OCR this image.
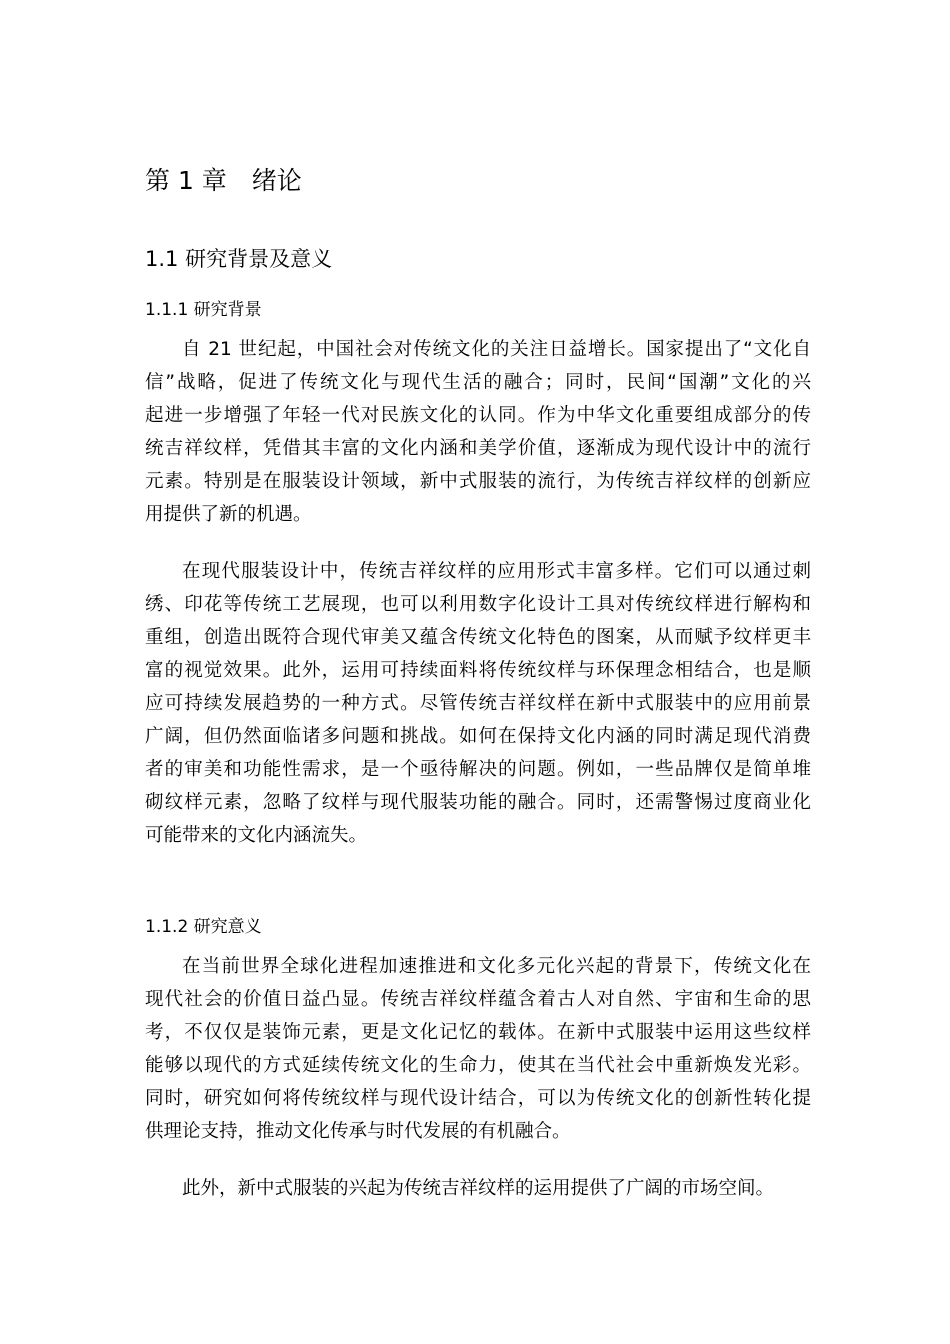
第 1 章　绪论
1.1 研究背景及意义
1.1.1 研究背景
自 21 世纪起，中国社会对传统文化的关注日益增长。国家提出了“文化自
信”战略，促进了传统文化与现代生活的融合；同时，民间“国潮”文化的兴
起进一步增强了年轻一代对民族文化的认同。作为中华文化重要组成部分的传
统吉祥纹样，凭借其丰富的文化内涵和美学价值，逐渐成为现代设计中的流行
元素。特别是在服装设计领域，新中式服装的流行，为传统吉祥纹样的创新应
用提供了新的机遇。
在现代服装设计中，传统吉祥纹样的应用形式丰富多样。它们可以通过刺
绣、印花等传统工艺展现，也可以利用数字化设计工具对传统纹样进行解构和
重组，创造出既符合现代审美又蕴含传统文化特色的图案，从而赋予纹样更丰
富的视觉效果。此外，运用可持续面料将传统纹样与环保理念相结合，也是顺
应可持续发展趋势的一种方式。尽管传统吉祥纹样在新中式服装中的应用前景
广阔，但仍然面临诸多问题和挑战。如何在保持文化内涵的同时满足现代消费
者的审美和功能性需求，是一个亟待解决的问题。例如，一些品牌仅是简单堆
砌纹样元素，忽略了纹样与现代服装功能的融合。同时，还需警惕过度商业化
可能带来的文化内涵流失。
1.1.2 研究意义
在当前世界全球化进程加速推进和文化多元化兴起的背景下，传统文化在
现代社会的价值日益凸显。传统吉祥纹样蕴含着古人对自然、宇宙和生命的思
考，不仅仅是装饰元素，更是文化记忆的载体。在新中式服装中运用这些纹样
能够以现代的方式延续传统文化的生命力，使其在当代社会中重新焕发光彩。
同时，研究如何将传统纹样与现代设计结合，可以为传统文化的创新性转化提
供理论支持，推动文化传承与时代发展的有机融合。
此外，新中式服装的兴起为传统吉祥纹样的运用提供了广阔的市场空间。
